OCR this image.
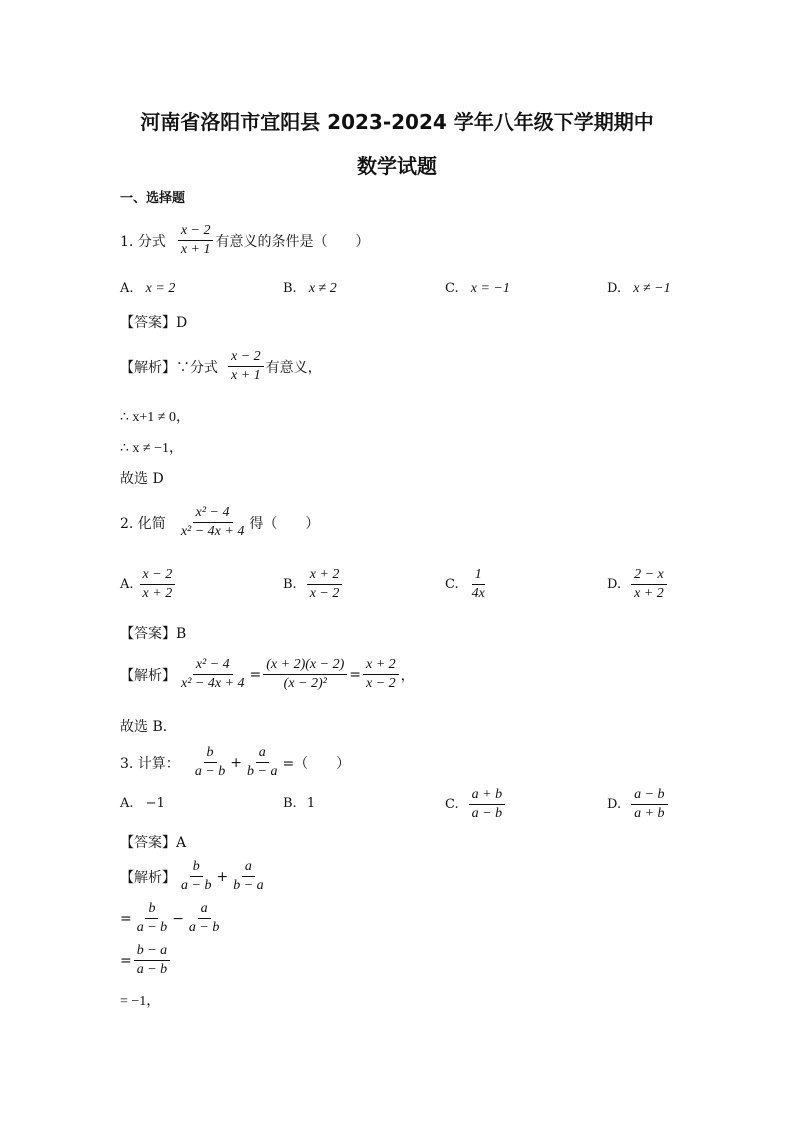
河南省洛阳市宜阳县 2023-2024 学年八年级下学期期中
数学试题
一、选择题
1. 分式 $\frac{x - 2}{x + 1}$ 有意义的条件是（　　）
A. x = 2	B. x ≠ 2	C. x = −1	D. x ≠ −1
【答案】D
【解析】∵分式 $\frac{x - 2}{x + 1}$ 有意义，
∴ x+1 ≠ 0，
∴ x ≠ −1，
故选 D
2. 化简 $\frac{\text{x² − 4}}{\text{x² − 4x + 4}}$ 得（　　）
A. $\frac{x - 2}{x + 2}$	B. $\frac{x + 2}{x - 2}$	C. $\frac{1}{4x}$	D. $\frac{2 - x}{x + 2}$
【答案】B
【解析】 $\frac{\text{x² − 4}}{\text{x² − 4x + 4}} = \frac{(x + 2)(x - 2)}{\text{(x − 2)²}} = \frac{x + 2}{x - 2}$ ，
故选 B．
3. 计算： $\frac{b}{a - b} + \frac{a}{b - a}$ =（　　）
A. −1	B. 1	C. $\frac{a + b}{a - b}$	D. $\frac{a - b}{a + b}$
【答案】A
【解析】 $\frac{b}{a - b} + \frac{a}{b - a}$
= $\frac{b}{a - b} - \frac{a}{a - b}$
= $\frac{b - a}{a - b}$
= −1，
